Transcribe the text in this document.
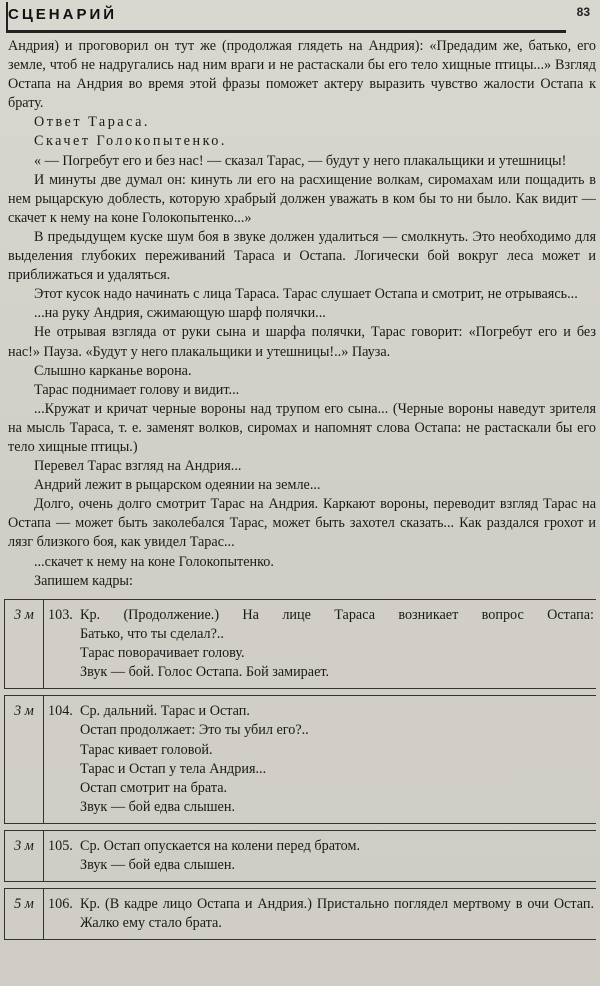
СЦЕНАРИЙ	83

Андрия) и проговорил он тут же (продолжая глядеть на Андрия): «Предадим же, батько, его земле, чтоб не надругались над ним враги и не растаскали бы его тело хищные птицы...» Взгляд Остапа на Андрия во время этой фразы поможет актеру выразить чувство жалости Остапа к брату.

Ответ Тараса.

Скачет Голокопытенко.

« — Погребут его и без нас! — сказал Тарас, — будут у него плакальщики и утешницы!

И минуты две думал он: кинуть ли его на расхищение волкам, сиромахам или пощадить в нем рыцарскую доблесть, которую храбрый должен уважать в ком бы то ни было. Как видит — скачет к нему на коне Голокопытенко...»

В предыдущем куске шум боя в звуке должен удалиться — смолкнуть. Это необходимо для выделения глубоких переживаний Тараса и Остапа. Логически бой вокруг леса может и приближаться и удаляться.

Этот кусок надо начинать с лица Тараса. Тарас слушает Остапа и смотрит, не отрываясь...

...на руку Андрия, сжимающую шарф полячки...

Не отрывая взгляда от руки сына и шарфа полячки, Тарас говорит: «Погребут его и без нас!» Пауза. «Будут у него плакальщики и утешницы!..» Пауза.

Слышно карканье ворона.

Тарас поднимает голову и видит...

...Кружат и кричат черные вороны над трупом его сына... (Черные вороны наведут зрителя на мысль Тараса, т. е. заменят волков, сиромах и напомнят слова Остапа: не растаскали бы его тело хищные птицы.)

Перевел Тарас взгляд на Андрия...

Андрий лежит в рыцарском одеянии на земле...

Долго, очень долго смотрит Тарас на Андрия. Каркают вороны, переводит взгляд Тарас на Остапа — может быть заколебался Тарас, может быть захотел сказать... Как раздался грохот и лязг близкого боя, как увидел Тарас...

...скачет к нему на коне Голокопытенко.

Запишем кадры:

3 м 103. Кр. (Продолжение.) На лице Тараса возникает вопрос Остапа:
Батько, что ты сделал?..
Тарас поворачивает голову.
Звук — бой. Голос Остапа. Бой замирает.
3 м 104. Ср. дальний. Тарас и Остап.
Остап продолжает: Это ты убил его?..
Тарас кивает головой.
Тарас и Остап у тела Андрия...
Остап смотрит на брата.
Звук — бой едва слышен.
3 м 105. Ср. Остап опускается на колени перед братом.
Звук — бой едва слышен.
5 м 106. Кр. (В кадре лицо Остапа и Андрия.) Пристально поглядел мертвому в очи Остап. Жалко ему стало брата.
